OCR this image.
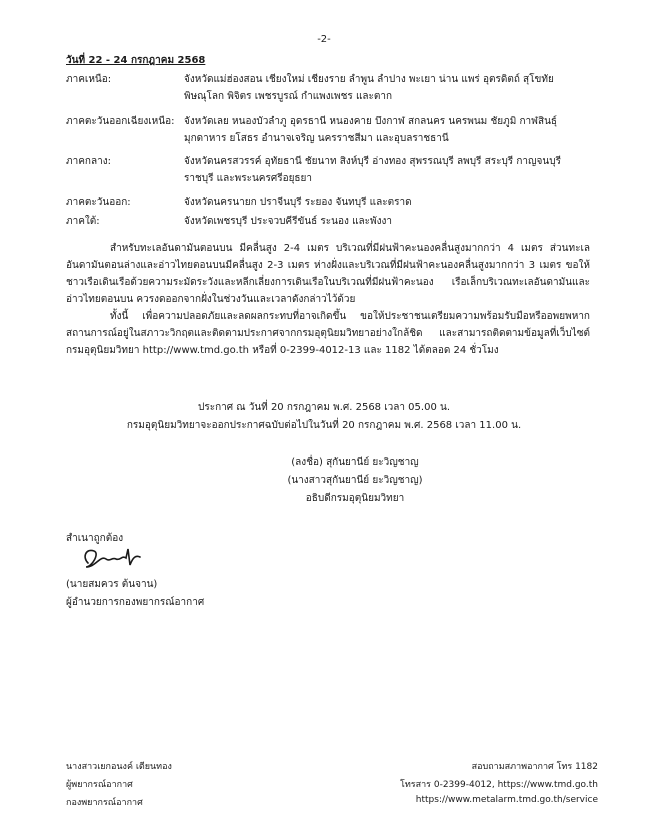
-2-
วันที่ 22 - 24 กรกฎาคม 2568
ภาคเหนือ:	จังหวัดแม่ฮ่องสอน เชียงใหม่ เชียงราย ลำพูน ลำปาง พะเยา น่าน แพร่ อุตรดิตถ์ สุโขทัย พิษณุโลก พิจิตร เพชรบูรณ์ กำแพงเพชร และตาก
ภาคตะวันออกเฉียงเหนือ: จังหวัดเลย หนองบัวลำภู อุดรธานี หนองคาย บึงกาฬ สกลนคร นครพนม ชัยภูมิ กาฬสินธุ์ มุกดาหาร ยโสธร อำนาจเจริญ นครราชสีมา และอุบลราชธานี
ภาคกลาง:	จังหวัดนครสวรรค์ อุทัยธานี ชัยนาท สิงห์บุรี อ่างทอง สุพรรณบุรี ลพบุรี สระบุรี กาญจนบุรี ราชบุรี และพระนครศรีอยุธยา
ภาคตะวันออก:	จังหวัดนครนายก ปราจีนบุรี ระยอง จันทบุรี และตราด
ภาคใต้:	จังหวัดเพชรบุรี ประจวบคีรีขันธ์ ระนอง และพังงา
สำหรับทะเลอันดามันตอนบน มีคลื่นสูง 2-4 เมตร บริเวณที่มีฝนฟ้าคะนองคลื่นสูงมากกว่า 4 เมตร ส่วนทะเลอันดามันตอนล่างและอ่าวไทยตอนบนมีคลื่นสูง 2-3 เมตร ห่างฝั่งและบริเวณที่มีฝนฟ้าคะนองคลื่นสูงมากกว่า 3 เมตร ขอให้ชาวเรือเดินเรือด้วยความระมัดระวังและหลีกเลี่ยงการเดินเรือในบริเวณที่มีฝนฟ้าคะนอง เรือเล็กบริเวณทะเลอันดามันและอ่าวไทยตอนบน ควรงดออกจากฝั่งในช่วงวันและเวลาดังกล่าวไว้ด้วย
ทั้งนี้ เพื่อความปลอดภัยและลดผลกระทบที่อาจเกิดขึ้น ขอให้ประชาชนเตรียมความพร้อมรับมือหรืออพยพหากสถานการณ์อยู่ในสภาวะวิกฤตและติดตามประกาศจากกรมอุตุนิยมวิทยาอย่างใกล้ชิด และสามารถติดตามข้อมูลที่เว็บไซต์กรมอุตุนิยมวิทยา http://www.tmd.go.th หรือที่ 0-2399-4012-13 และ 1182 ได้ตลอด 24 ชั่วโมง
ประกาศ ณ วันที่ 20 กรกฎาคม พ.ศ. 2568 เวลา 05.00 น.
กรมอุตุนิยมวิทยาจะออกประกาศฉบับต่อไปในวันที่ 20 กรกฎาคม พ.ศ. 2568 เวลา 11.00 น.
(ลงชื่อ) สุกันยานีย์ ยะวิญชาญ
(นางสาวสุกันยานีย์ ยะวิญชาญ)
อธิบดีกรมอุตุนิยมวิทยา
สำเนาถูกต้อง
(นายสมควร ต้นจาน)
ผู้อำนวยการกองพยากรณ์อากาศ
นางสาวเยกอนงค์ เตียนทอง
ผู้พยากรณ์อากาศ
กองพยากรณ์อากาศ
สอบถามสภาพอากาศ โทร 1182
โทรสาร 0-2399-4012, https://www.tmd.go.th
https://www.metalarm.tmd.go.th/service
